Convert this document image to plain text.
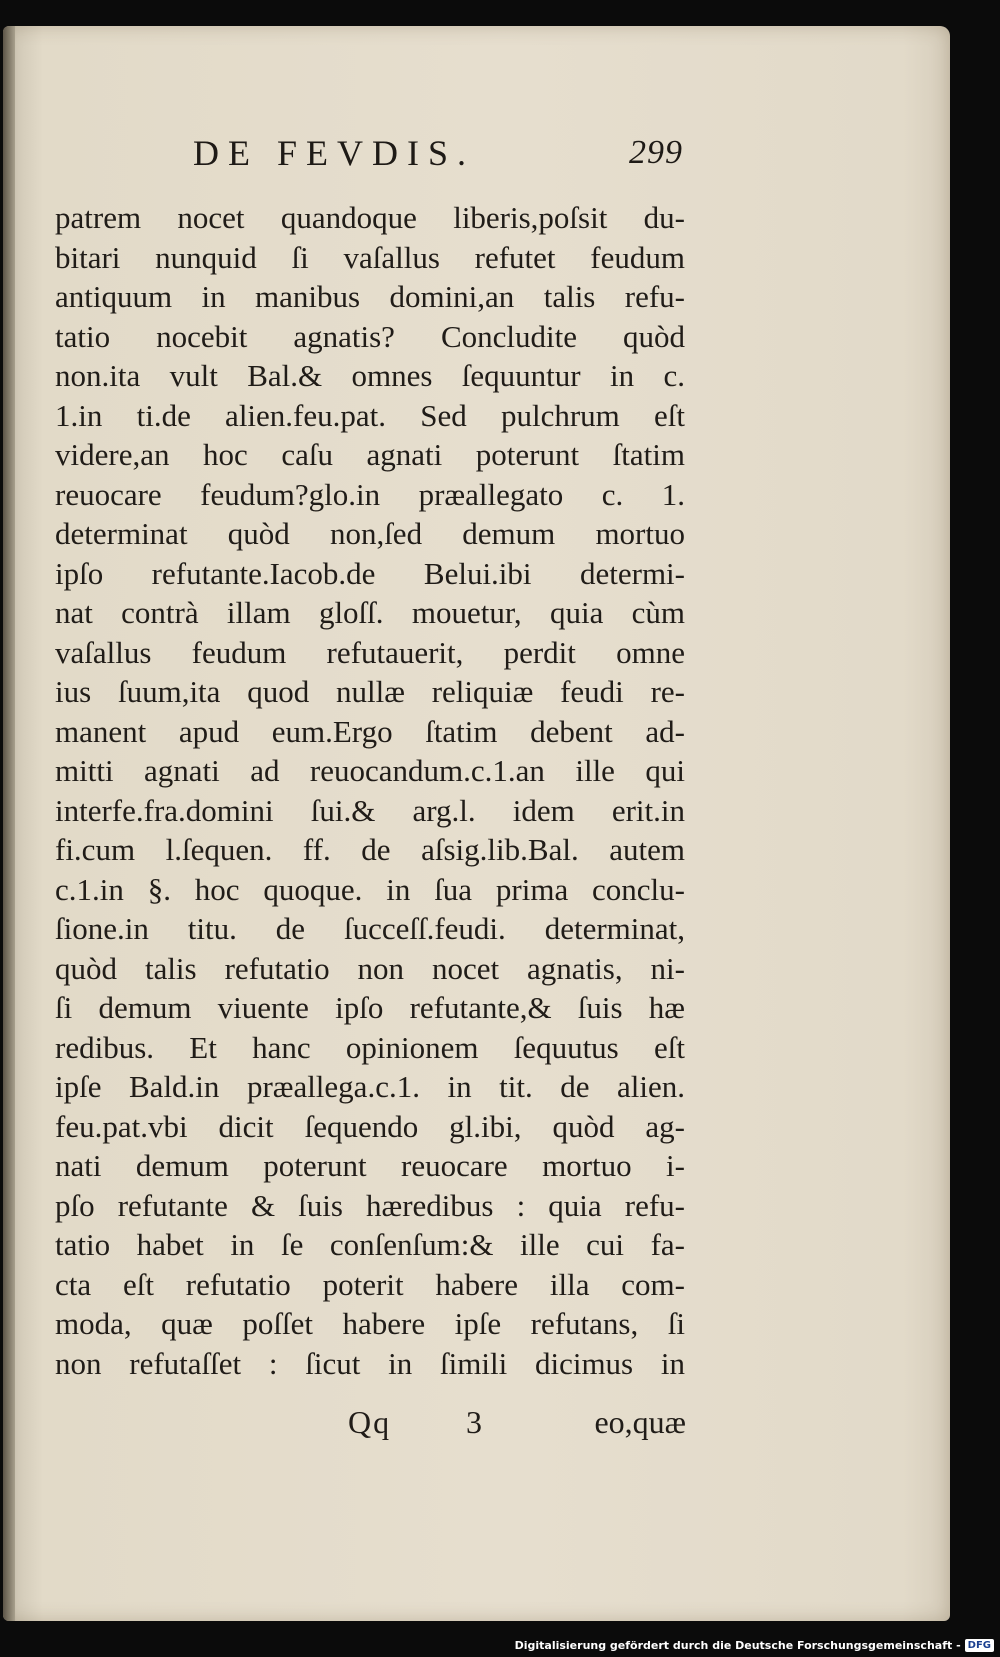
DE FEVDIS.	299
patrem nocet quandoque liberis,poſsit du-
bitari nunquid ſi vaſallus refutet feudum
antiquum in manibus domini,an talis refu-
tatio nocebit agnatis? Concludite quòd
non.ita vult Bal.& omnes ſequuntur in c.
1.in ti.de alien.feu.pat. Sed pulchrum eſt
videre,an hoc caſu agnati poterunt ſtatim
reuocare feudum?glo.in præallegato c. 1.
determinat quòd non,ſed demum mortuo
ipſo refutante.Iacob.de Belui.ibi determi-
nat contrà illam gloſſ. mouetur, quia cùm
vaſallus feudum refutauerit, perdit omne
ius ſuum,ita quod nullæ reliquiæ feudi re-
manent apud eum.Ergo ſtatim debent ad-
mitti agnati ad reuocandum.c.1.an ille qui
interfe.fra.domini ſui.& arg.l. idem erit.in
fi.cum l.ſequen. ff. de aſsig.lib.Bal. autem
c.1.in §. hoc quoque. in ſua prima conclu-
ſione.in titu. de ſucceſſ.feudi. determinat,
quòd talis refutatio non nocet agnatis, ni-
ſi demum viuente ipſo refutante,& ſuis hæ
redibus. Et hanc opinionem ſequutus eſt
ipſe Bald.in præallega.c.1. in tit. de alien.
feu.pat.vbi dicit ſequendo gl.ibi, quòd ag-
nati demum poterunt reuocare mortuo i-
pſo refutante & ſuis hæredibus : quia refu-
tatio habet in ſe conſenſum:& ille cui fa-
cta eſt refutatio poterit habere illa com-
moda, quæ poſſet habere ipſe refutans, ſi
non refutaſſet : ſicut in ſimili dicimus in
Qq 3	eo,quæ
Digitalisierung gefördert durch die Deutsche Forschungsgemeinschaft - DFG
